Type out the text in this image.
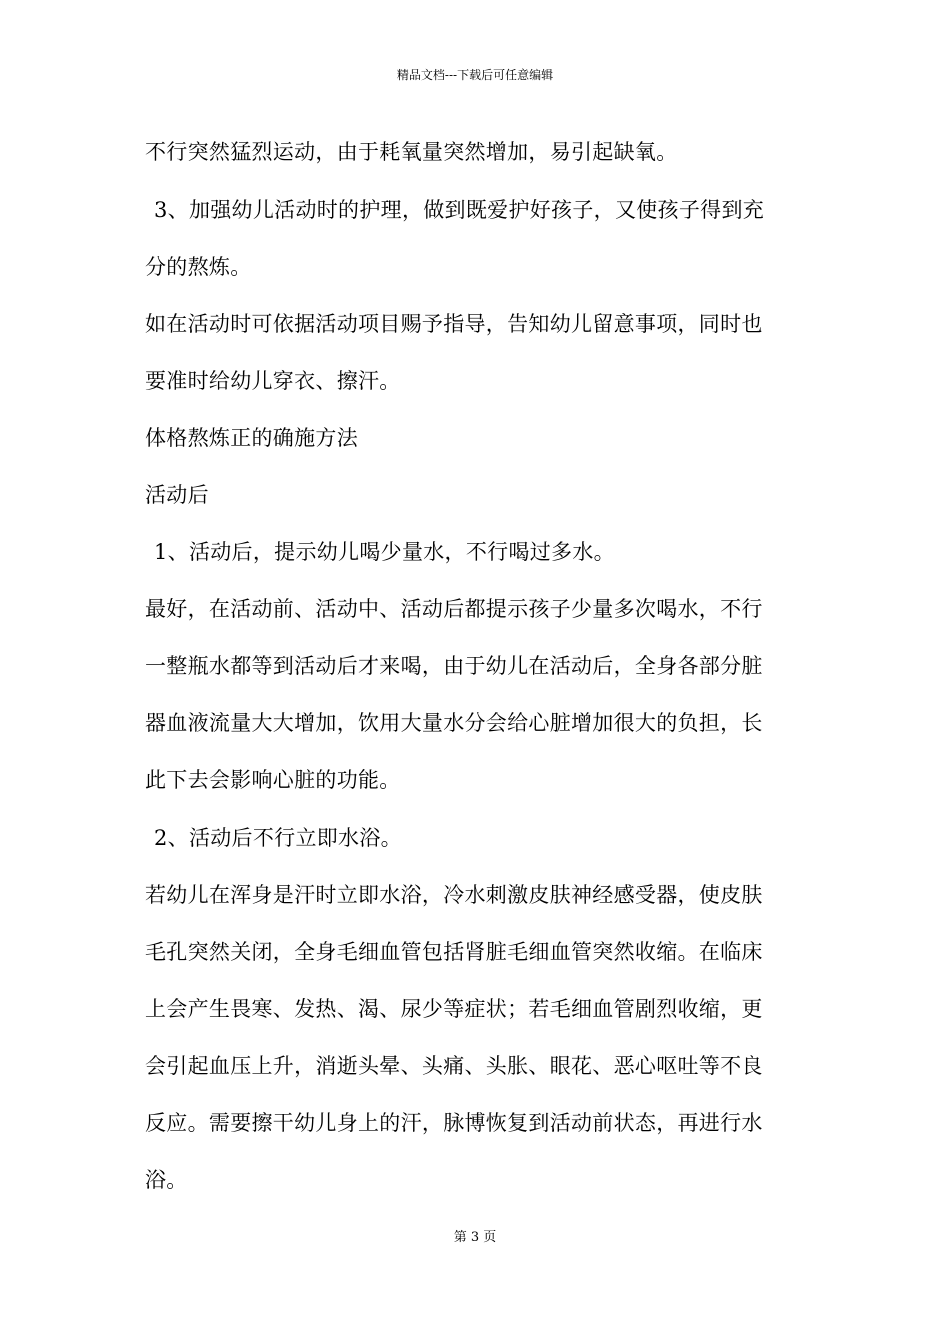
精品文档---下载后可任意编辑
不行突然猛烈运动，由于耗氧量突然增加，易引起缺氧。
3、加强幼儿活动时的护理，做到既爱护好孩子，又使孩子得到充
分的熬炼。
如在活动时可依据活动项目赐予指导，告知幼儿留意事项，同时也
要准时给幼儿穿衣、擦汗。
体格熬炼正的确施方法
活动后
1、活动后，提示幼儿喝少量水，不行喝过多水。
最好，在活动前、活动中、活动后都提示孩子少量多次喝水，不行
一整瓶水都等到活动后才来喝，由于幼儿在活动后，全身各部分脏
器血液流量大大增加，饮用大量水分会给心脏增加很大的负担，长
此下去会影响心脏的功能。
2、活动后不行立即水浴。
若幼儿在浑身是汗时立即水浴，冷水刺激皮肤神经感受器，使皮肤
毛孔突然关闭，全身毛细血管包括肾脏毛细血管突然收缩。在临床
上会产生畏寒、发热、渴、尿少等症状；若毛细血管剧烈收缩，更
会引起血压上升，消逝头晕、头痛、头胀、眼花、恶心呕吐等不良
反应。需要擦干幼儿身上的汗，脉博恢复到活动前状态，再进行水
浴。
第 3 页
